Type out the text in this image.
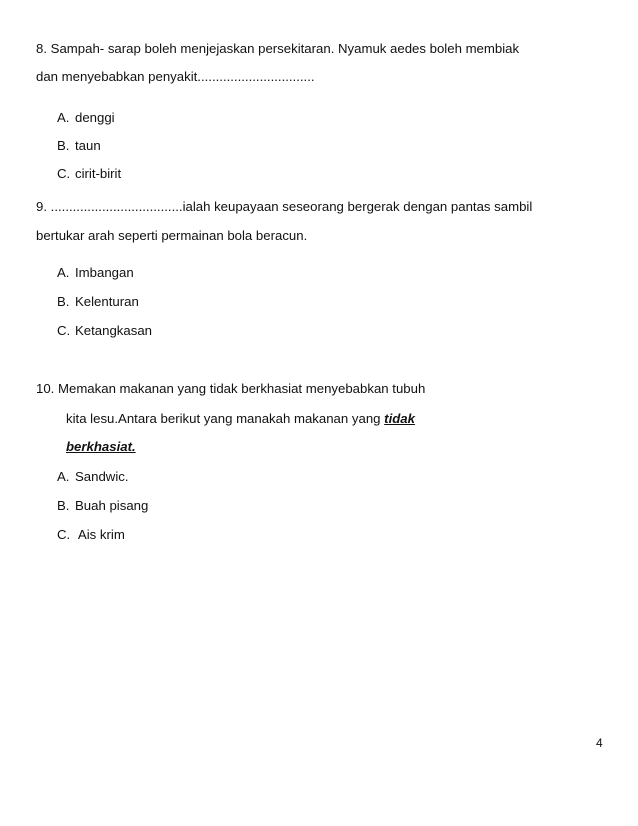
8. Sampah- sarap boleh menjejaskan persekitaran. Nyamuk aedes boleh membiak
dan menyebabkan penyakit................................
A. denggi
B. taun
C. cirit-birit
9. ....................................ialah keupayaan seseorang bergerak dengan pantas sambil
bertukar arah seperti permainan bola beracun.
A. Imbangan
B. Kelenturan
C. Ketangkasan
10. Memakan makanan yang tidak berkhasiat menyebabkan tubuh
kita lesu.Antara berikut yang manakah makanan yang tidak
berkhasiat.
A. Sandwic.
B. Buah pisang
C. Ais krim
4
